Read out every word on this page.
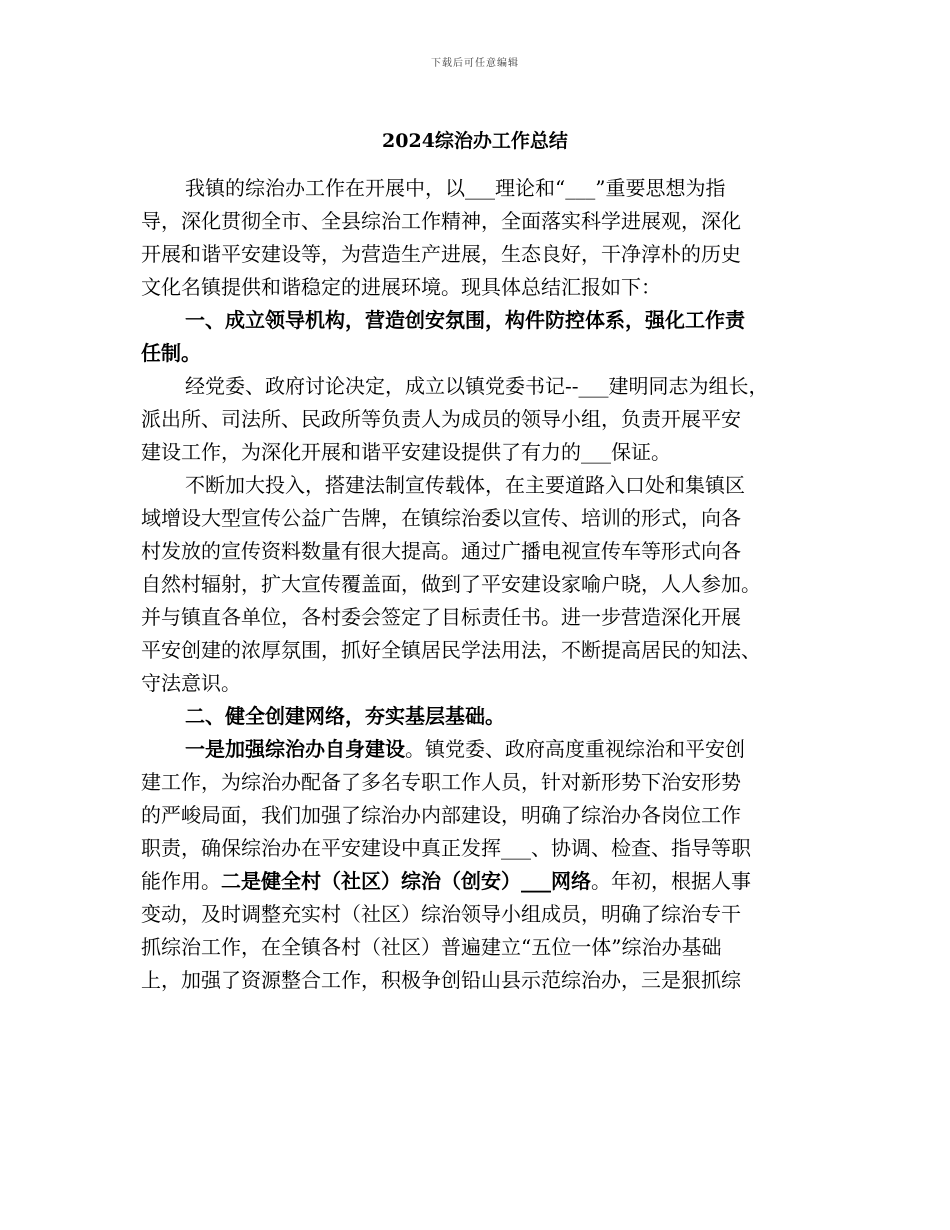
下载后可任意编辑
2024综治办工作总结
我镇的综治办工作在开展中，以___理论和“___”重要思想为指
导，深化贯彻全市、全县综治工作精神，全面落实科学进展观，深化
开展和谐平安建设等，为营造生产进展，生态良好，干净淳朴的历史
文化名镇提供和谐稳定的进展环境。现具体总结汇报如下：
一、成立领导机构，营造创安氛围，构件防控体系，强化工作责
任制。
经党委、政府讨论决定，成立以镇党委书记--___建明同志为组长，
派出所、司法所、民政所等负责人为成员的领导小组，负责开展平安
建设工作，为深化开展和谐平安建设提供了有力的___保证。
不断加大投入，搭建法制宣传载体，在主要道路入口处和集镇区
域增设大型宣传公益广告牌，在镇综治委以宣传、培训的形式，向各
村发放的宣传资料数量有很大提高。通过广播电视宣传车等形式向各
自然村辐射，扩大宣传覆盖面，做到了平安建设家喻户晓，人人参加。
并与镇直各单位，各村委会签定了目标责任书。进一步营造深化开展
平安创建的浓厚氛围，抓好全镇居民学法用法，不断提高居民的知法、
守法意识。
二、健全创建网络，夯实基层基础。
一是加强综治办自身建设。镇党委、政府高度重视综治和平安创
建工作，为综治办配备了多名专职工作人员，针对新形势下治安形势
的严峻局面，我们加强了综治办内部建设，明确了综治办各岗位工作
职责，确保综治办在平安建设中真正发挥___、协调、检查、指导等职
能作用。二是健全村（社区）综治（创安）___网络。年初，根据人事
变动，及时调整充实村（社区）综治领导小组成员，明确了综治专干
抓综治工作，在全镇各村（社区）普遍建立“五位一体”综治办基础
上，加强了资源整合工作，积极争创铅山县示范综治办，三是狠抓综
